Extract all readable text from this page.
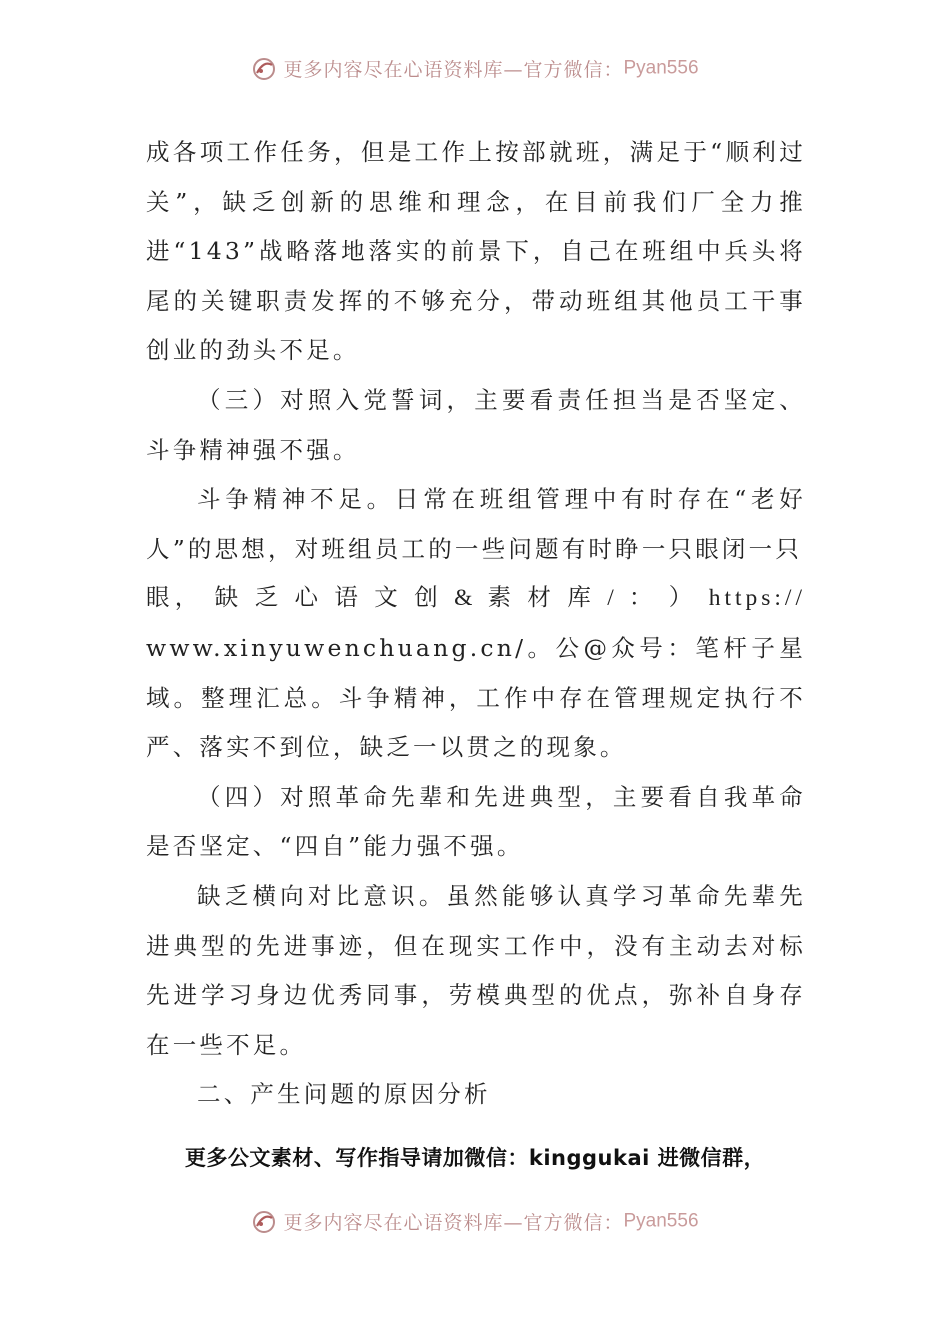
更多内容尽在心语资料库—官方微信：Pyan556

成各项工作任务，但是工作上按部就班，满足于“顺利过关”，缺乏创新的思维和理念，在目前我们厂全力推进“143”战略落地落实的前景下，自己在班组中兵头将尾的关键职责发挥的不够充分，带动班组其他员工干事创业的劲头不足。

（三）对照入党誓词，主要看责任担当是否坚定、斗争精神强不强。

斗争精神不足。日常在班组管理中有时存在“老好人”的思想，对班组员工的一些问题有时睁一只眼闭一只

眼， 缺 乏 心 语 文 创 & 素 材 库 / ： ） https://

www.xinyuwenchuang.cn/。公@众号：笔杆子星域。整理汇总。斗争精神，工作中存在管理规定执行不严、落实不到位，缺乏一以贯之的现象。

（四）对照革命先辈和先进典型，主要看自我革命是否坚定、“四自”能力强不强。

缺乏横向对比意识。虽然能够认真学习革命先辈先进典型的先进事迹，但在现实工作中，没有主动去对标先进学习身边优秀同事，劳模典型的优点，弥补自身存在一些不足。

二、产生问题的原因分析

更多公文素材、写作指导请加微信：kinggukai 进微信群，
更多内容尽在心语资料库—官方微信：Pyan556
